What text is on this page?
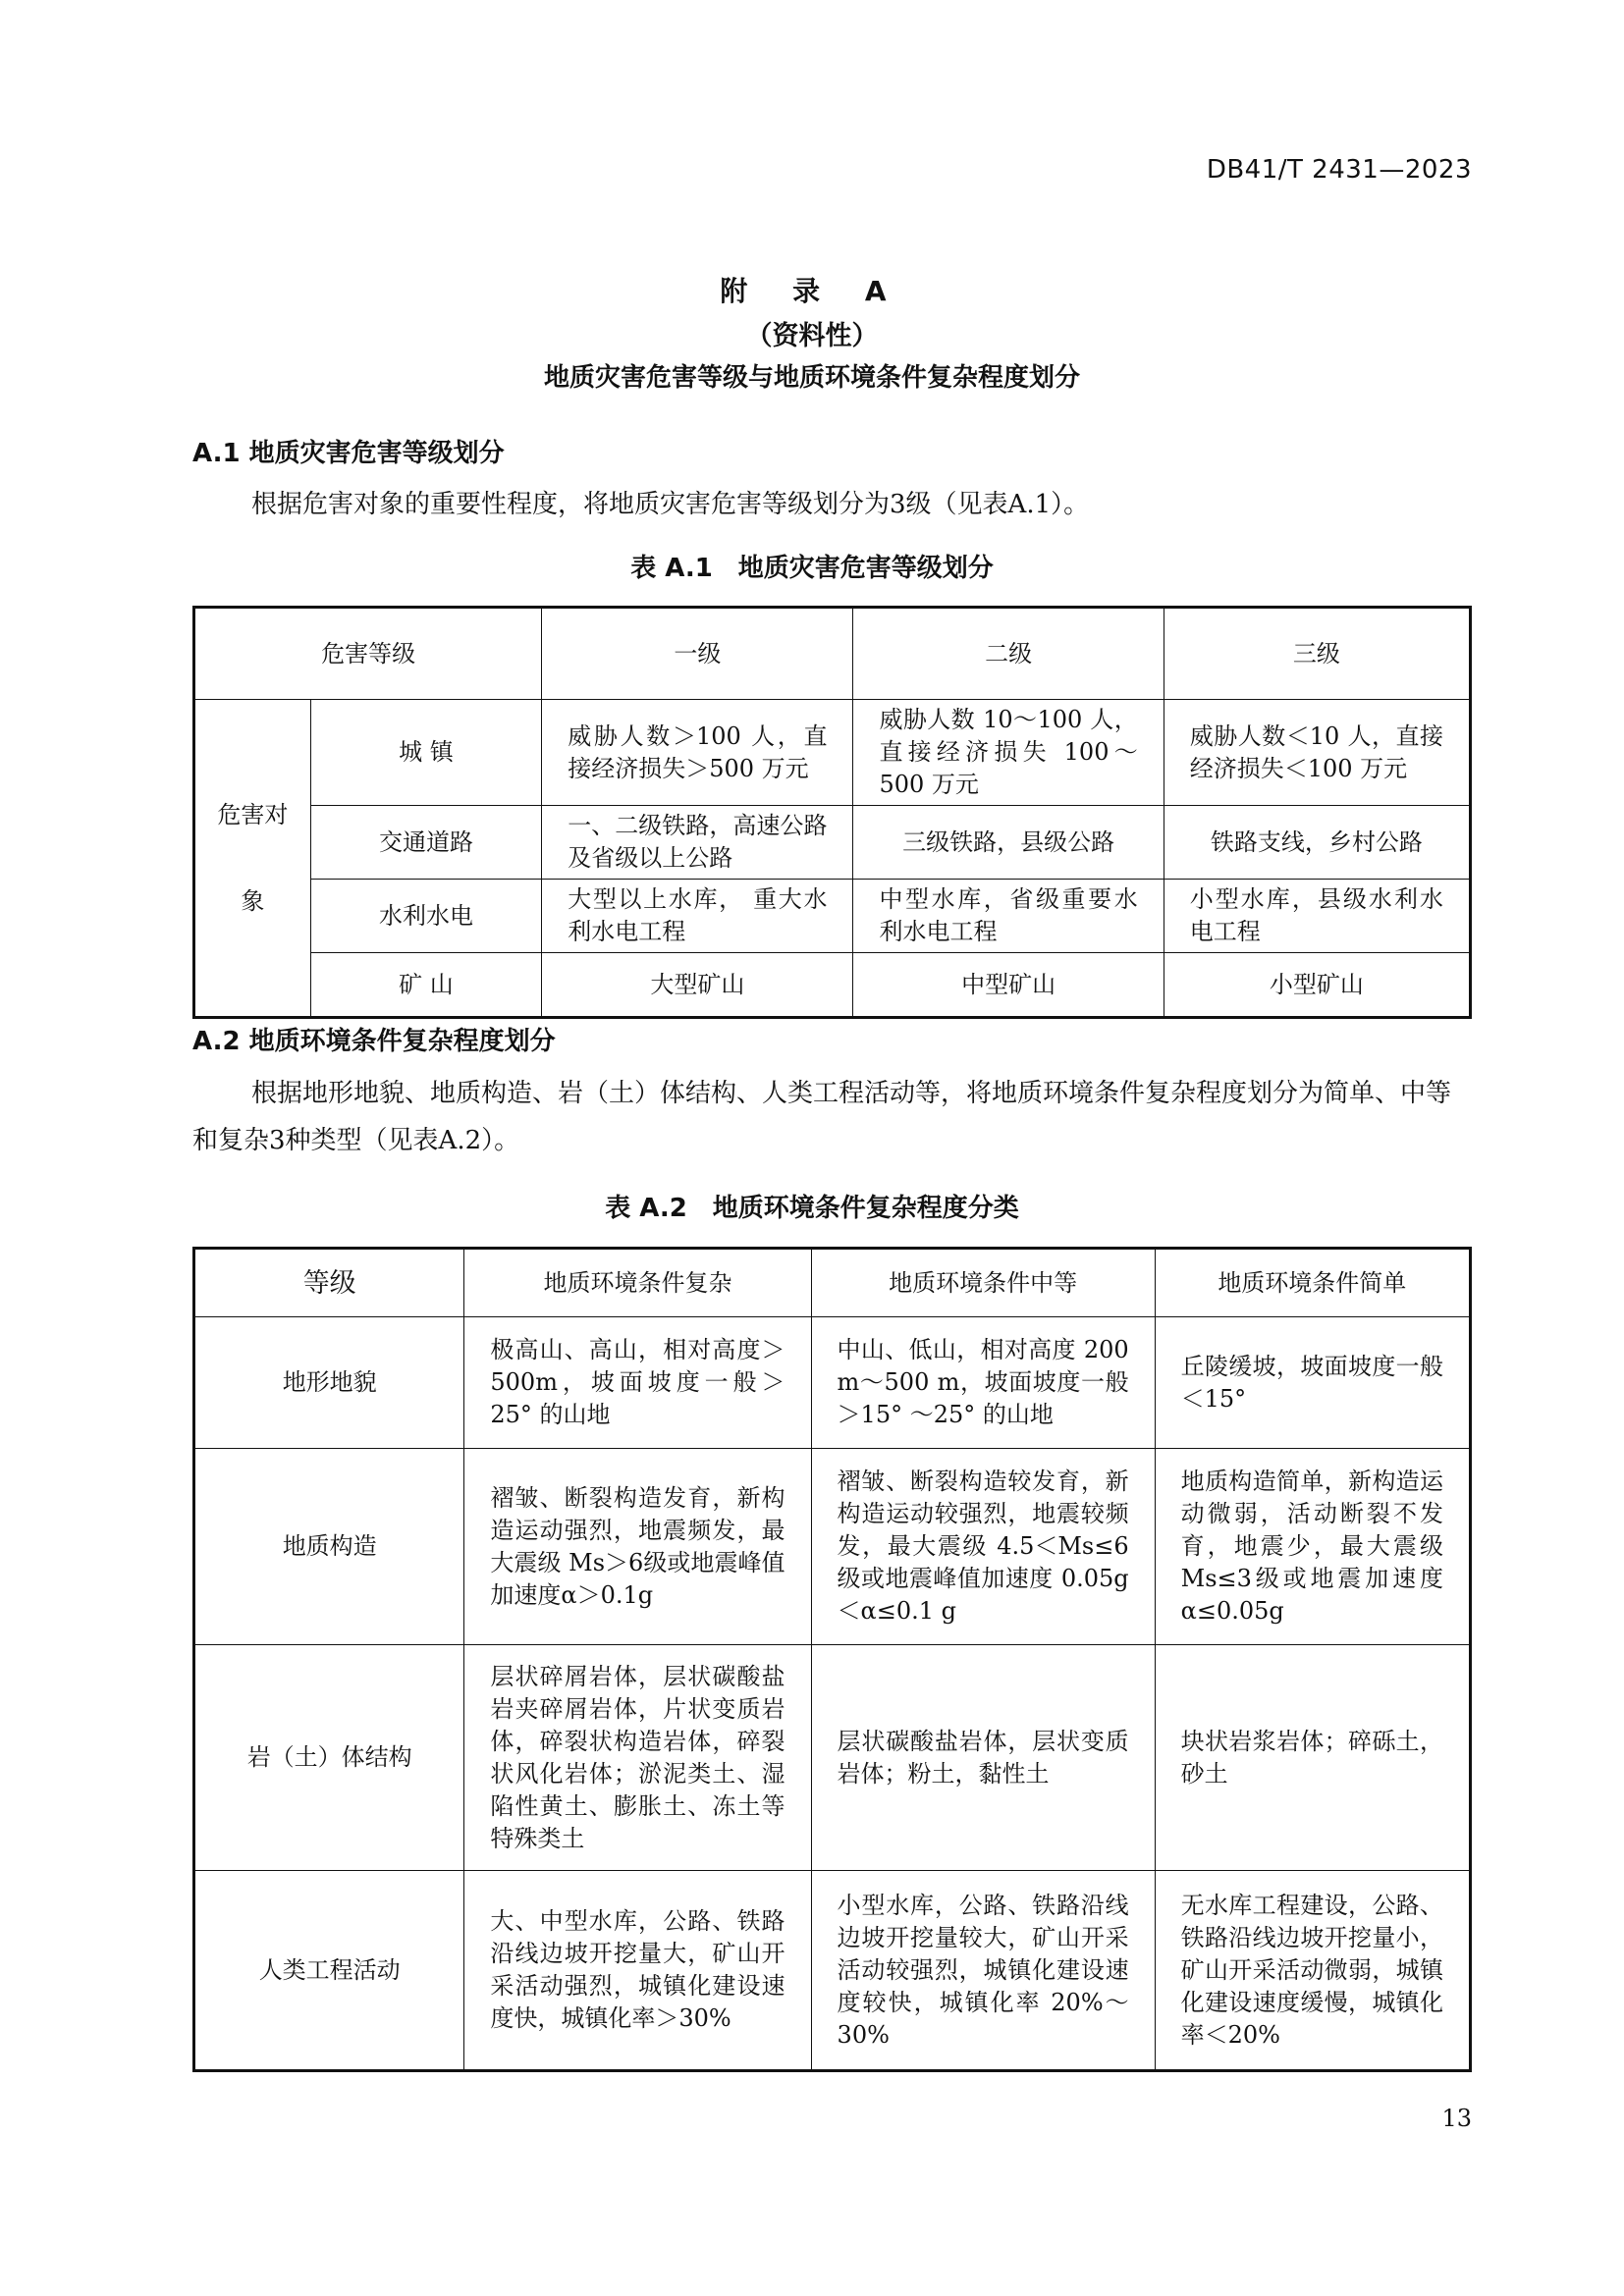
DB41/T 2431—2023
附 录 A
（资料性）
地质灾害危害等级与地质环境条件复杂程度划分
A.1 地质灾害危害等级划分
根据危害对象的重要性程度，将地质灾害危害等级划分为3级（见表A.1）。
表 A.1　地质灾害危害等级划分
危害等级		一级	二级	三级
危害对象	城 镇	威胁人数＞100 人，直接经济损失＞500 万元	威胁人数 10～100 人，直接经济损失 100～500 万元	威胁人数＜10 人，直接经济损失＜100 万元
	交通道路	一、二级铁路，高速公路及省级以上公路	三级铁路，县级公路	铁路支线，乡村公路
	水利水电	大型以上水库， 重大水利水电工程	中型水库，省级重要水利水电工程	小型水库，县级水利水电工程
	矿 山	大型矿山	中型矿山	小型矿山
A.2 地质环境条件复杂程度划分
根据地形地貌、地质构造、岩（土）体结构、人类工程活动等，将地质环境条件复杂程度划分为简单、中等和复杂3种类型（见表A.2）。
表 A.2　地质环境条件复杂程度分类
等级	地质环境条件复杂	地质环境条件中等	地质环境条件简单
地形地貌	极高山、高山，相对高度＞500m，坡面坡度一般＞25° 的山地	中山、低山，相对高度 200 m～500 m，坡面坡度一般＞15° ～25° 的山地	丘陵缓坡，坡面坡度一般＜15°
地质构造	褶皱、断裂构造发育，新构造运动强烈，地震频发，最大震级 Ms＞6级或地震峰值加速度α＞0.1g	褶皱、断裂构造较发育，新构造运动较强烈，地震较频发，最大震级 4.5＜Ms≤6 级或地震峰值加速度 0.05g＜α≤0.1 g	地质构造简单，新构造运动微弱，活动断裂不发育，地震少，最大震级 Ms≤3级或地震加速度α≤0.05g
岩（土）体结构	层状碎屑岩体，层状碳酸盐岩夹碎屑岩体，片状变质岩体，碎裂状构造岩体，碎裂状风化岩体；淤泥类土、湿陷性黄土、膨胀土、冻土等特殊类土	层状碳酸盐岩体，层状变质岩体；粉土，黏性土	块状岩浆岩体；碎砾土，砂土
人类工程活动	大、中型水库，公路、铁路沿线边坡开挖量大，矿山开采活动强烈，城镇化建设速度快，城镇化率＞30%	小型水库，公路、铁路沿线边坡开挖量较大，矿山开采活动较强烈，城镇化建设速度较快，城镇化率 20%～30%	无水库工程建设，公路、铁路沿线边坡开挖量小，矿山开采活动微弱，城镇化建设速度缓慢，城镇化率＜20%
13
